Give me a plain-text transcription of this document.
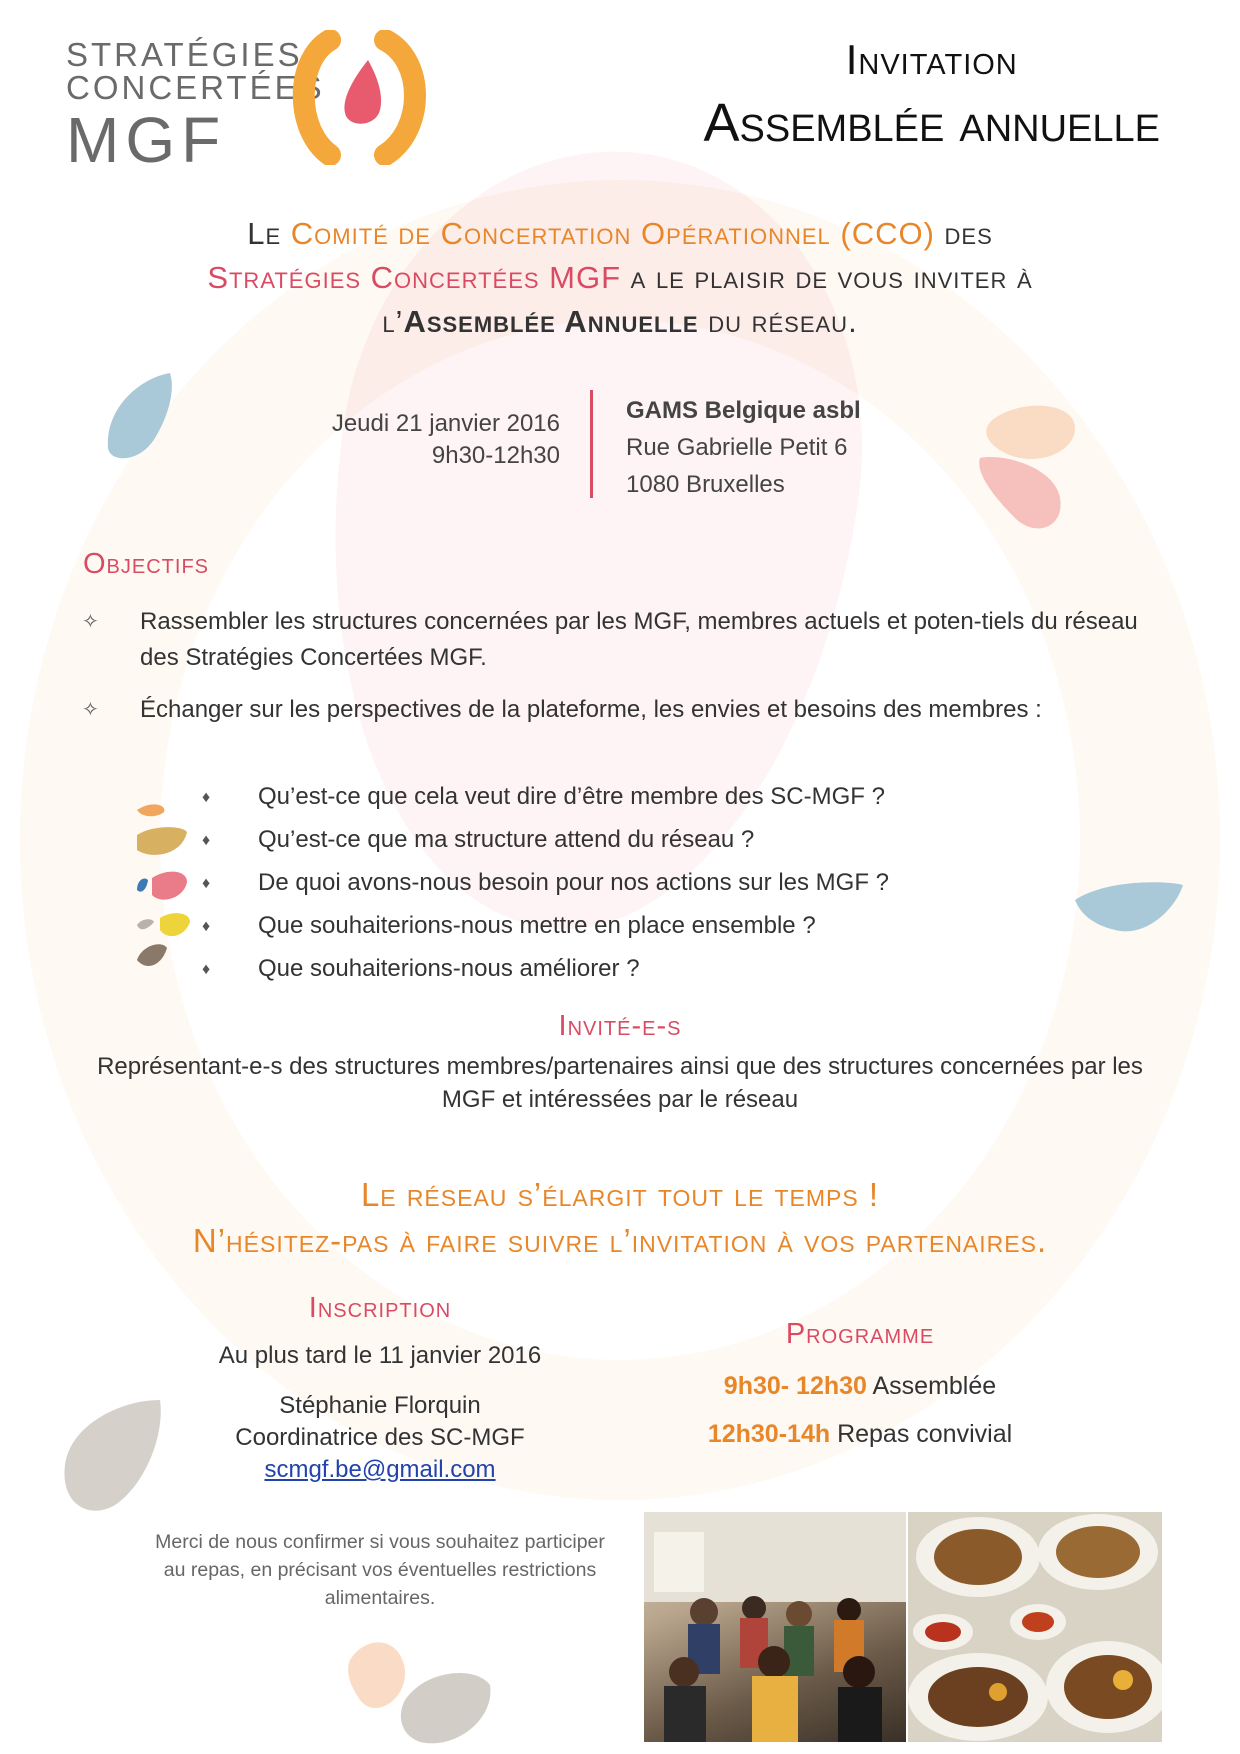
STRATÉGIES
CONCERTÉES
MGF
Invitation
Assemblée annuelle
Le Comité de Concertation Opérationnel (CCO) des
Stratégies Concertées MGF a le plaisir de vous inviter à
l’Assemblée Annuelle du réseau.
Jeudi 21 janvier 2016
9h30-12h30
GAMS Belgique asbl
Rue Gabrielle Petit 6
1080 Bruxelles
Objectifs
✧ Rassembler les structures concernées par les MGF, membres actuels et poten-tiels du réseau des Stratégies Concertées MGF.
✧ Échanger sur les perspectives de la plateforme, les envies et besoins des membres :
♦ Qu’est-ce que cela veut dire d’être membre des SC-MGF ?
♦ Qu’est-ce que ma structure attend du réseau ?
♦ De quoi avons-nous besoin pour nos actions sur les MGF ?
♦ Que souhaiterions-nous mettre en place ensemble ?
♦ Que souhaiterions-nous améliorer ?
Invité-e-s
Représentant-e-s des structures membres/partenaires ainsi que des structures concernées par les MGF et intéressées par le réseau
Le réseau s’élargit tout le temps !
N’hésitez-pas à faire suivre l’invitation à vos partenaires.
Inscription
Au plus tard le 11 janvier 2016
Stéphanie Florquin
Coordinatrice des SC-MGF
scmgf.be@gmail.com
Merci de nous confirmer si vous souhaitez participer au repas, en précisant vos éventuelles restrictions alimentaires.
Programme
9h30- 12h30 Assemblée
12h30-14h Repas convivial
